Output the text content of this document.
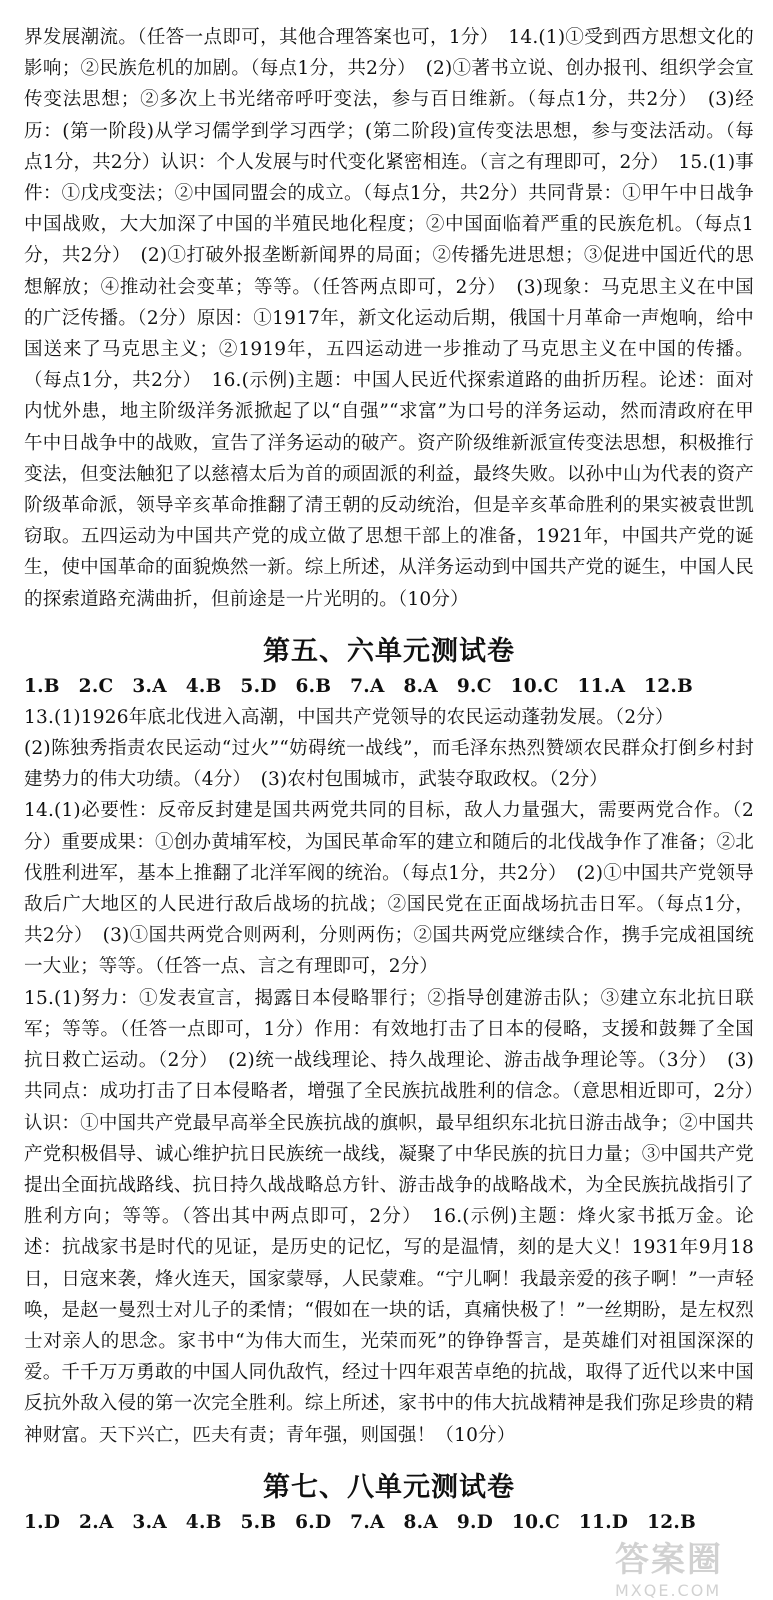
界发展潮流。（任答一点即可，其他合理答案也可，1分）　14.(1)①受到西方思想文化的影响；②民族危机的加剧。（每点1分，共2分）　(2)①著书立说、创办报刊、组织学会宣传变法思想；②多次上书光绪帝呼吁变法，参与百日维新。（每点1分，共2分）　(3)经历：(第一阶段)从学习儒学到学习西学；(第二阶段)宣传变法思想，参与变法活动。（每点1分，共2分）认识：个人发展与时代变化紧密相连。（言之有理即可，2分）　15.(1)事件：①戊戌变法；②中国同盟会的成立。（每点1分，共2分）共同背景：①甲午中日战争中国战败，大大加深了中国的半殖民地化程度；②中国面临着严重的民族危机。（每点1分，共2分）　(2)①打破外报垄断新闻界的局面；②传播先进思想；③促进中国近代的思想解放；④推动社会变革；等等。（任答两点即可，2分）　(3)现象：马克思主义在中国的广泛传播。（2分）原因：①1917年，新文化运动后期，俄国十月革命一声炮响，给中国送来了马克思主义；②1919年，五四运动进一步推动了马克思主义在中国的传播。（每点1分，共2分）　16.(示例)主题：中国人民近代探索道路的曲折历程。论述：面对内忧外患，地主阶级洋务派掀起了以“自强”“求富”为口号的洋务运动，然而清政府在甲午中日战争中的战败，宣告了洋务运动的破产。资产阶级维新派宣传变法思想，积极推行变法，但变法触犯了以慈禧太后为首的顽固派的利益，最终失败。以孙中山为代表的资产阶级革命派，领导辛亥革命推翻了清王朝的反动统治，但是辛亥革命胜利的果实被袁世凯窃取。五四运动为中国共产党的成立做了思想干部上的准备，1921年，中国共产党的诞生，使中国革命的面貌焕然一新。综上所述，从洋务运动到中国共产党的诞生，中国人民的探索道路充满曲折，但前途是一片光明的。（10分）

第五、六单元测试卷

1.B　2.C　3.A　4.B　5.D　6.B　7.A　8.A　9.C　10.C　11.A　12.B

13.(1)1926年底北伐进入高潮，中国共产党领导的农民运动蓬勃发展。（2分）

(2)陈独秀指责农民运动“过火”“妨碍统一战线”，而毛泽东热烈赞颂农民群众打倒乡村封建势力的伟大功绩。（4分）　(3)农村包围城市，武装夺取政权。（2分）

14.(1)必要性：反帝反封建是国共两党共同的目标，敌人力量强大，需要两党合作。（2分）重要成果：①创办黄埔军校，为国民革命军的建立和随后的北伐战争作了准备；②北伐胜利进军，基本上推翻了北洋军阀的统治。（每点1分，共2分）　(2)①中国共产党领导敌后广大地区的人民进行敌后战场的抗战；②国民党在正面战场抗击日军。（每点1分，共2分）　(3)①国共两党合则两利，分则两伤；②国共两党应继续合作，携手完成祖国统一大业；等等。（任答一点、言之有理即可，2分）

15.(1)努力：①发表宣言，揭露日本侵略罪行；②指导创建游击队；③建立东北抗日联军；等等。（任答一点即可，1分）作用：有效地打击了日本的侵略，支援和鼓舞了全国抗日救亡运动。（2分）　(2)统一战线理论、持久战理论、游击战争理论等。（3分）　(3)共同点：成功打击了日本侵略者，增强了全民族抗战胜利的信念。（意思相近即可，2分）认识：①中国共产党最早高举全民族抗战的旗帜，最早组织东北抗日游击战争；②中国共产党积极倡导、诚心维护抗日民族统一战线，凝聚了中华民族的抗日力量；③中国共产党提出全面抗战路线、抗日持久战战略总方针、游击战争的战略战术，为全民族抗战指引了胜利方向；等等。（答出其中两点即可，2分）　16.(示例)主题：烽火家书抵万金。论述：抗战家书是时代的见证，是历史的记忆，写的是温情，刻的是大义！1931年9月18日，日寇来袭，烽火连天，国家蒙辱，人民蒙难。“宁儿啊！我最亲爱的孩子啊！”一声轻唤，是赵一曼烈士对儿子的柔情；“假如在一块的话，真痛快极了！”一丝期盼，是左权烈士对亲人的思念。家书中“为伟大而生，光荣而死”的铮铮誓言，是英雄们对祖国深深的爱。千千万万勇敢的中国人同仇敌忾，经过十四年艰苦卓绝的抗战，取得了近代以来中国反抗外敌入侵的第一次完全胜利。综上所述，家书中的伟大抗战精神是我们弥足珍贵的精神财富。天下兴亡，匹夫有责；青年强，则国强！（10分）

第七、八单元测试卷

1.D　2.A　3.A　4.B　5.B　6.D　7.A　8.A　9.D　10.C　11.D　12.B

答案圈
MXQE.COM
